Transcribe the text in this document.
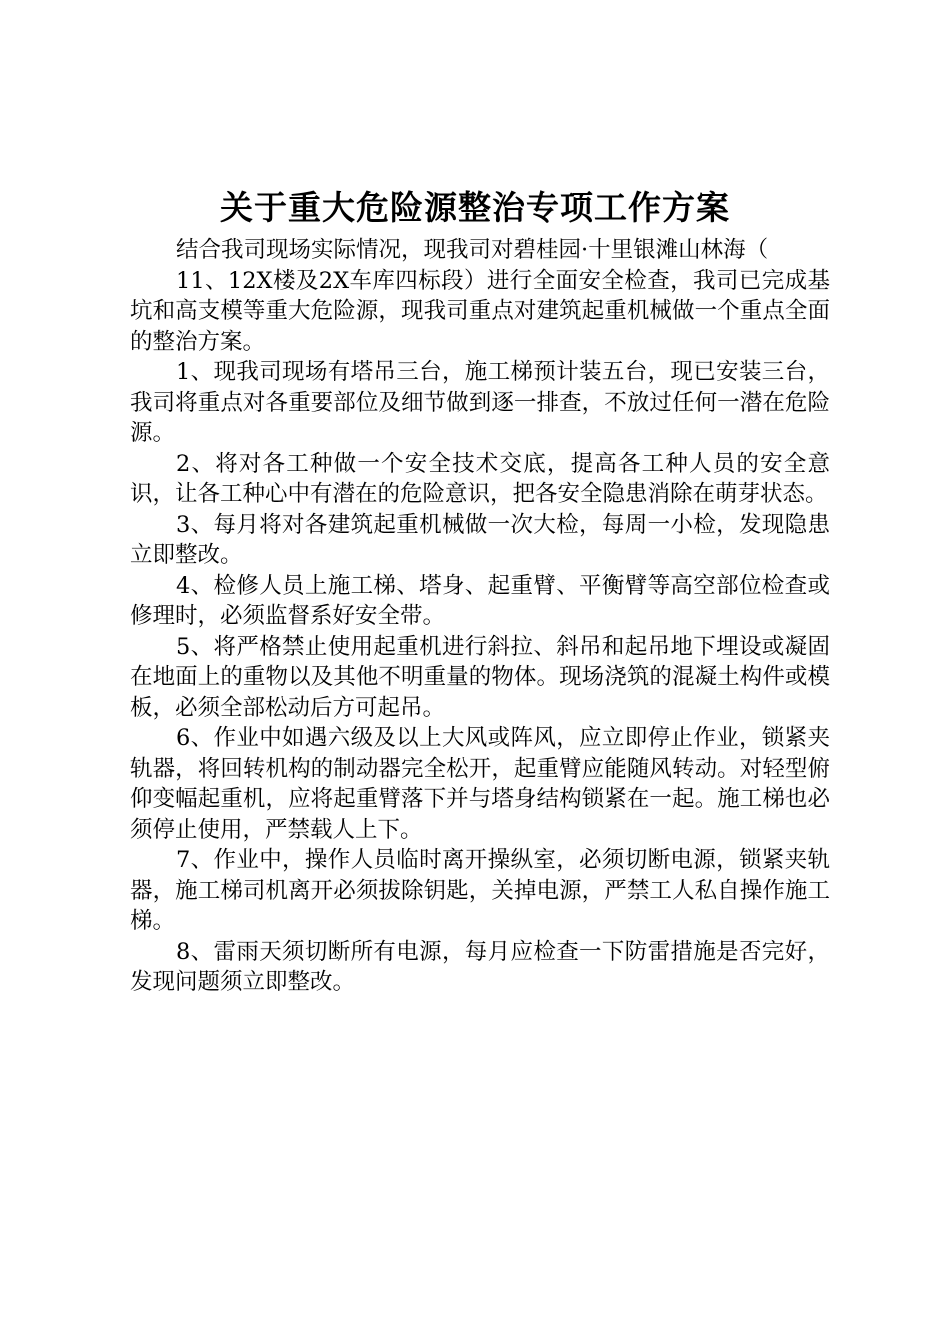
关于重大危险源整治专项工作方案

结合我司现场实际情况，现我司对碧桂园·十里银滩山林海（

11、12X楼及2X车库四标段）进行全面安全检查，我司已完成基坑和高支模等重大危险源，现我司重点对建筑起重机械做一个重点全面的整治方案。

1、现我司现场有塔吊三台，施工梯预计装五台，现已安装三台，我司将重点对各重要部位及细节做到逐一排查，不放过任何一潜在危险源。

2、将对各工种做一个安全技术交底，提高各工种人员的安全意识，让各工种心中有潜在的危险意识，把各安全隐患消除在萌芽状态。

3、每月将对各建筑起重机械做一次大检，每周一小检，发现隐患立即整改。

4、检修人员上施工梯、塔身、起重臂、平衡臂等高空部位检查或修理时，必须监督系好安全带。

5、将严格禁止使用起重机进行斜拉、斜吊和起吊地下埋设或凝固在地面上的重物以及其他不明重量的物体。现场浇筑的混凝土构件或模板，必须全部松动后方可起吊。

6、作业中如遇六级及以上大风或阵风，应立即停止作业，锁紧夹轨器，将回转机构的制动器完全松开，起重臂应能随风转动。对轻型俯仰变幅起重机，应将起重臂落下并与塔身结构锁紧在一起。施工梯也必须停止使用，严禁载人上下。

7、作业中，操作人员临时离开操纵室，必须切断电源，锁紧夹轨器，施工梯司机离开必须拔除钥匙，关掉电源，严禁工人私自操作施工梯。

8、雷雨天须切断所有电源，每月应检查一下防雷措施是否完好，发现问题须立即整改。
